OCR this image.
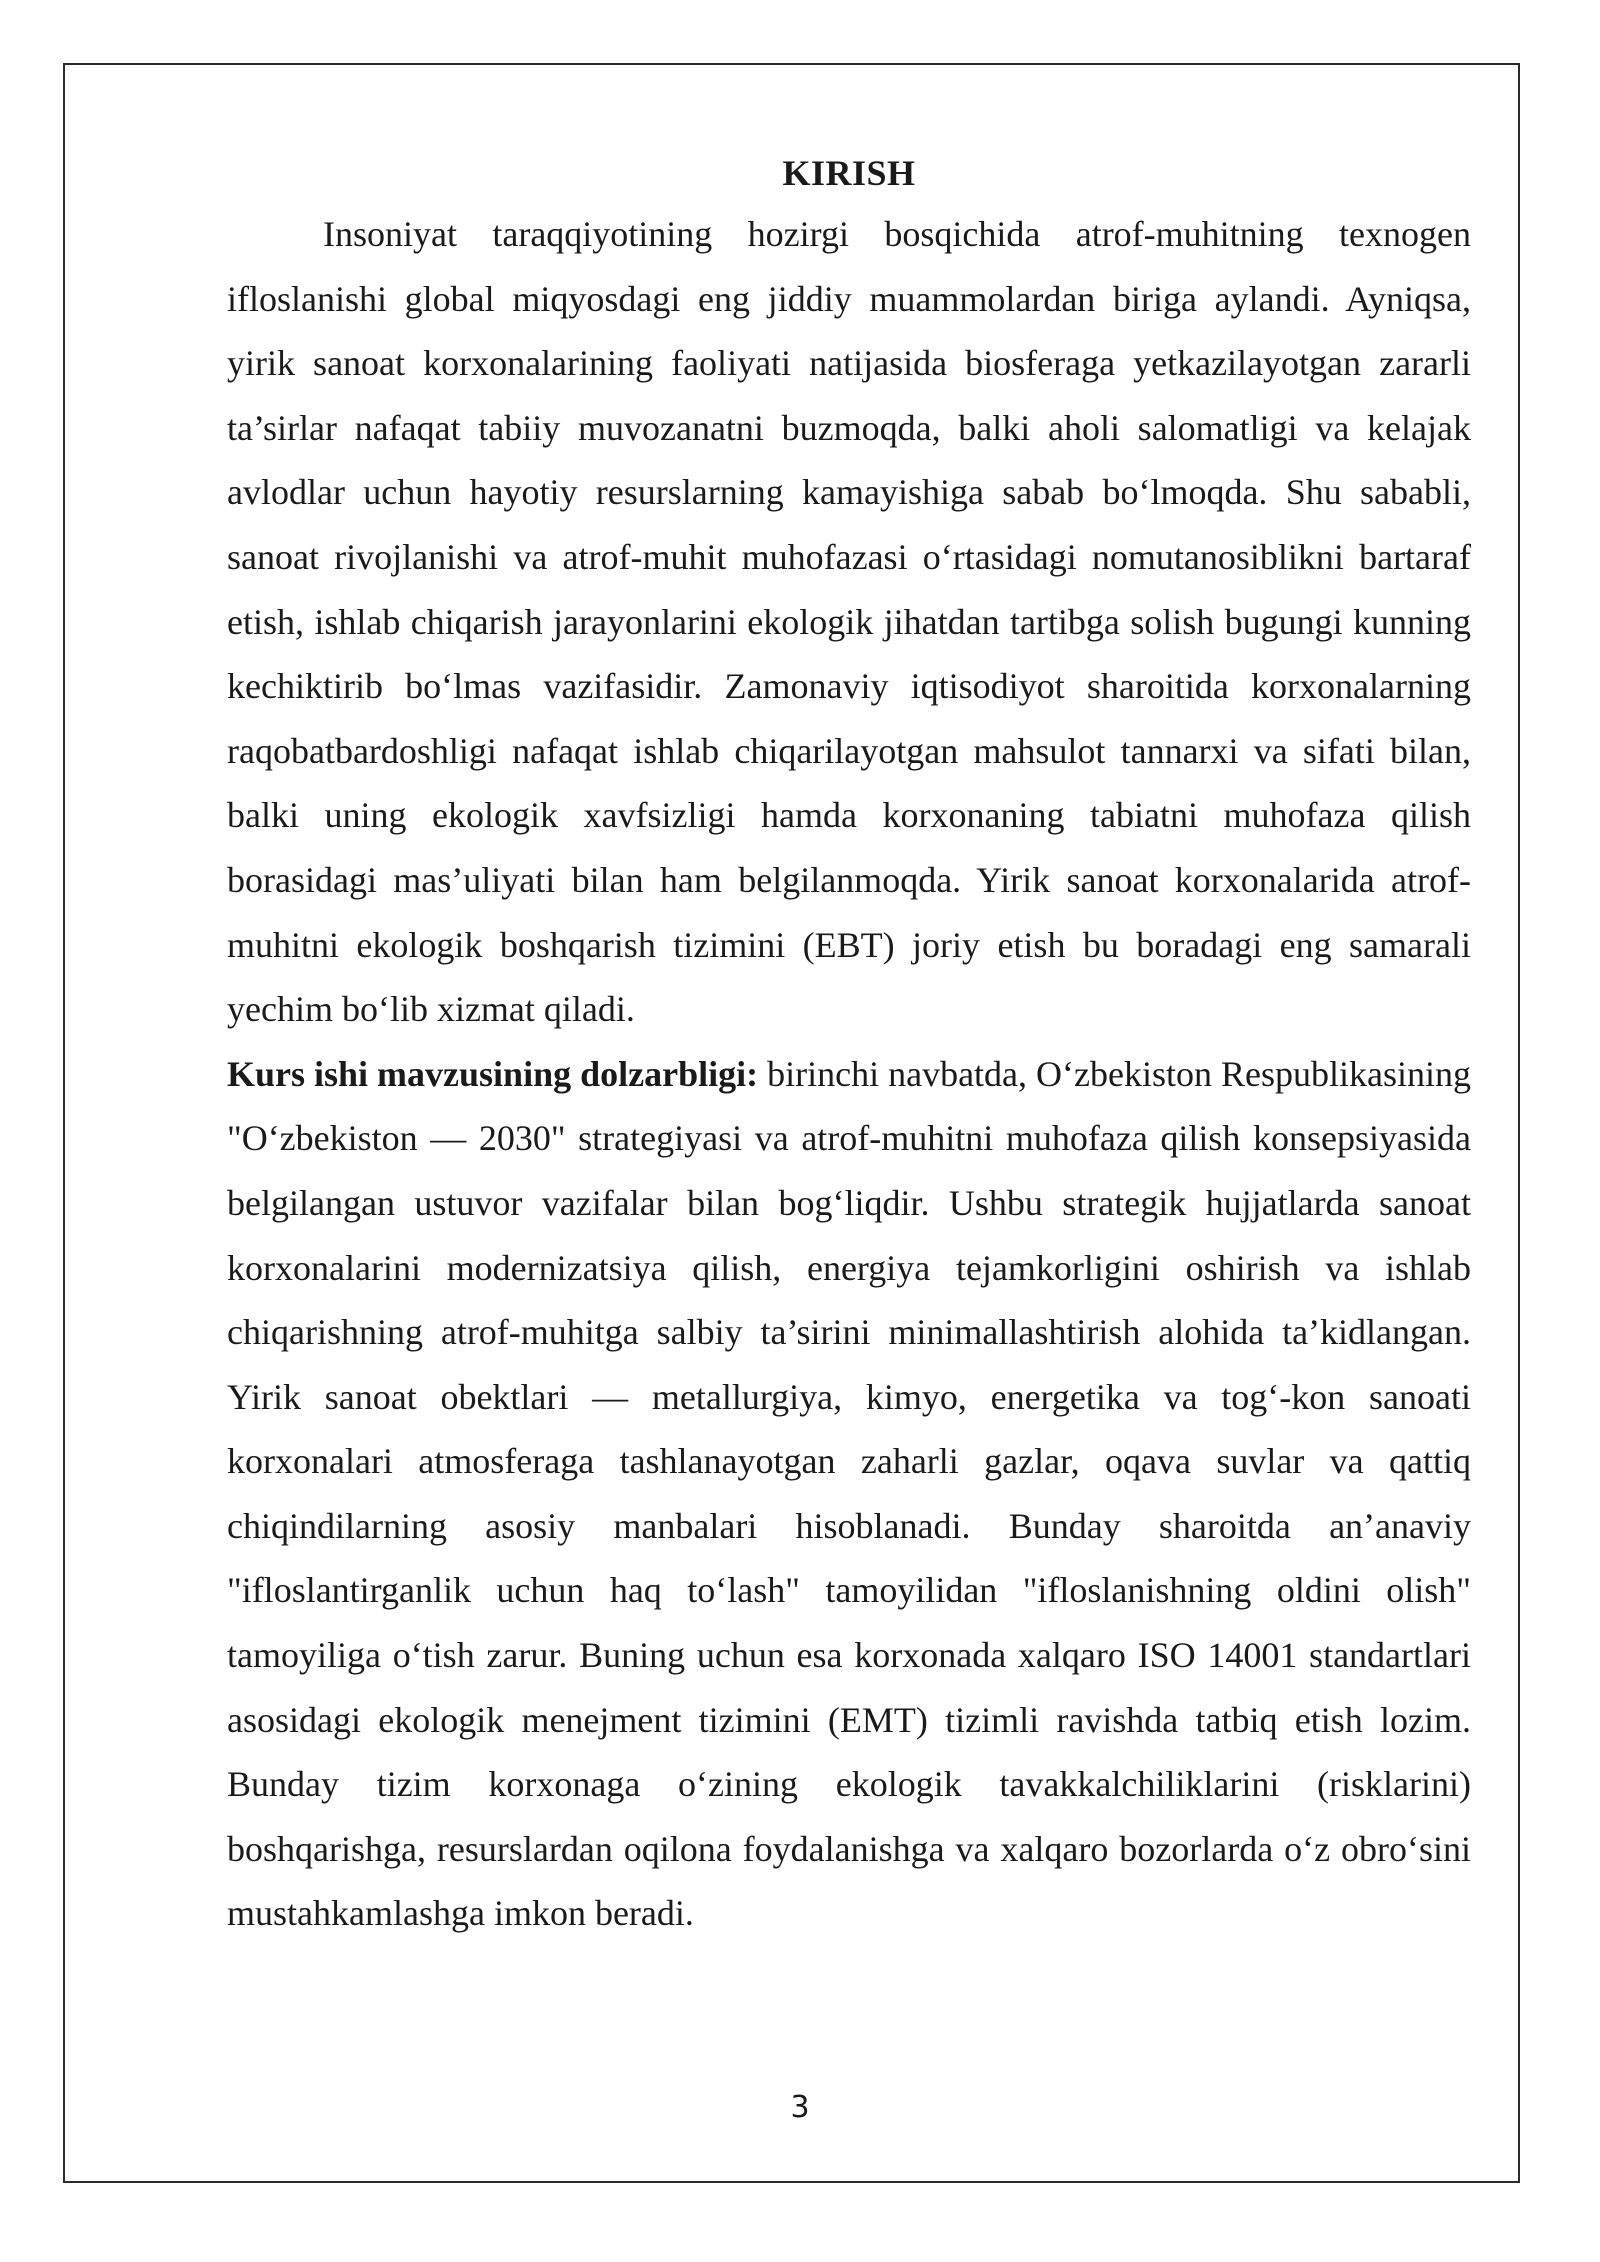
KIRISH

Insoniyat taraqqiyotining hozirgi bosqichida atrof-muhitning texnogen ifloslanishi global miqyosdagi eng jiddiy muammolardan biriga aylandi. Ayniqsa, yirik sanoat korxonalarining faoliyati natijasida biosferaga yetkazilayotgan zararli ta’sirlar nafaqat tabiiy muvozanatni buzmoqda, balki aholi salomatligi va kelajak avlodlar uchun hayotiy resurslarning kamayishiga sabab bo‘lmoqda. Shu sababli, sanoat rivojlanishi va atrof-muhit muhofazasi o‘rtasidagi nomutanosiblikni bartaraf etish, ishlab chiqarish jarayonlarini ekologik jihatdan tartibga solish bugungi kunning kechiktirib bo‘lmas vazifasidir. Zamonaviy iqtisodiyot sharoitida korxonalarning raqobatbardoshligi nafaqat ishlab chiqarilayotgan mahsulot tannarxi va sifati bilan, balki uning ekologik xavfsizligi hamda korxonaning tabiatni muhofaza qilish borasidagi mas’uliyati bilan ham belgilanmoqda. Yirik sanoat korxonalarida atrof-muhitni ekologik boshqarish tizimini (EBT) joriy etish bu boradagi eng samarali yechim bo‘lib xizmat qiladi.

Kurs ishi mavzusining dolzarbligi: birinchi navbatda, O‘zbekiston Respublikasining "O‘zbekiston — 2030" strategiyasi va atrof-muhitni muhofaza qilish konsepsiyasida belgilangan ustuvor vazifalar bilan bog‘liqdir. Ushbu strategik hujjatlarda sanoat korxonalarini modernizatsiya qilish, energiya tejamkorligini oshirish va ishlab chiqarishning atrof-muhitga salbiy ta’sirini minimallashtirish alohida ta’kidlangan. Yirik sanoat obektlari — metallurgiya, kimyo, energetika va tog‘-kon sanoati korxonalari atmosferaga tashlanayotgan zaharli gazlar, oqava suvlar va qattiq chiqindilarning asosiy manbalari hisoblanadi. Bunday sharoitda an’anaviy "ifloslantirganlik uchun haq to‘lash" tamoyilidan "ifloslanishning oldini olish" tamoyiliga o‘tish zarur. Buning uchun esa korxonada xalqaro ISO 14001 standartlari asosidagi ekologik menejment tizimini (EMT) tizimli ravishda tatbiq etish lozim. Bunday tizim korxonaga o‘zining ekologik tavakkalchiliklarini (risklarini) boshqarishga, resurslardan oqilona foydalanishga va xalqaro bozorlarda o‘z obro‘sini mustahkamlashga imkon beradi.

3
